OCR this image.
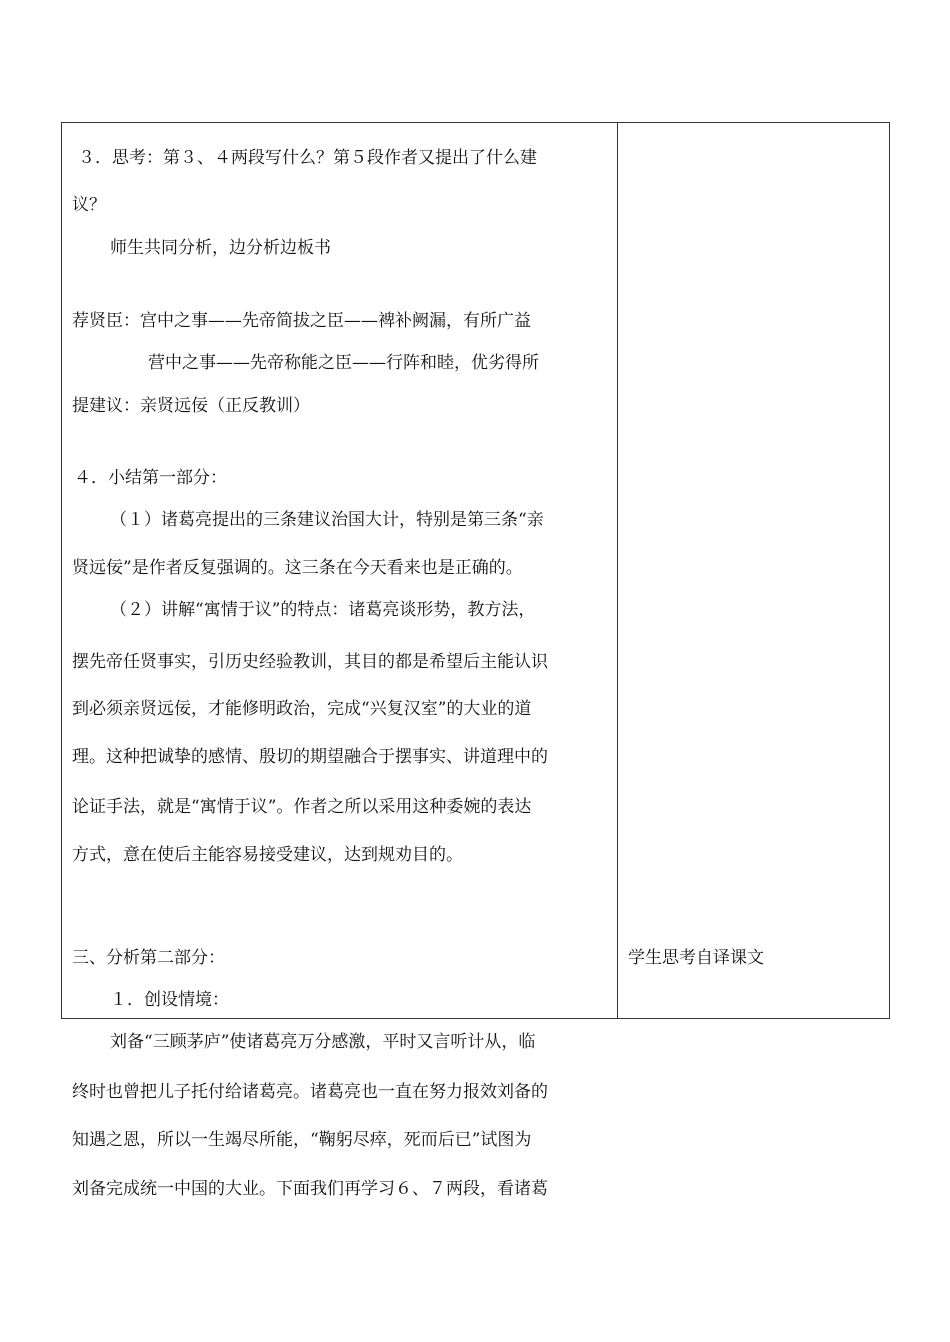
３．思考：第３、４两段写什么？第５段作者又提出了什么建
议？
师生共同分析，边分析边板书
荐贤臣：宫中之事——先帝简拔之臣——裨补阙漏，有所广益
营中之事——先帝称能之臣——行阵和睦，优劣得所
提建议：亲贤远佞（正反教训）
４．小结第一部分：
（１）诸葛亮提出的三条建议治国大计，特别是第三条“亲
贤远佞”是作者反复强调的。这三条在今天看来也是正确的。
（２）讲解“寓情于议”的特点：诸葛亮谈形势，教方法，
摆先帝任贤事实，引历史经验教训，其目的都是希望后主能认识
到必须亲贤远佞，才能修明政治，完成“兴复汉室”的大业的道
理。这种把诚挚的感情、殷切的期望融合于摆事实、讲道理中的
论证手法，就是“寓情于议”。作者之所以采用这种委婉的表达
方式，意在使后主能容易接受建议，达到规劝目的。
三、分析第二部分：
１．创设情境：
刘备“三顾茅庐”使诸葛亮万分感激，平时又言听计从，临
终时也曾把儿子托付给诸葛亮。诸葛亮也一直在努力报效刘备的
知遇之恩，所以一生竭尽所能，“鞠躬尽瘁，死而后已”试图为
刘备完成统一中国的大业。下面我们再学习６、７两段，看诸葛
学生思考自译课文
